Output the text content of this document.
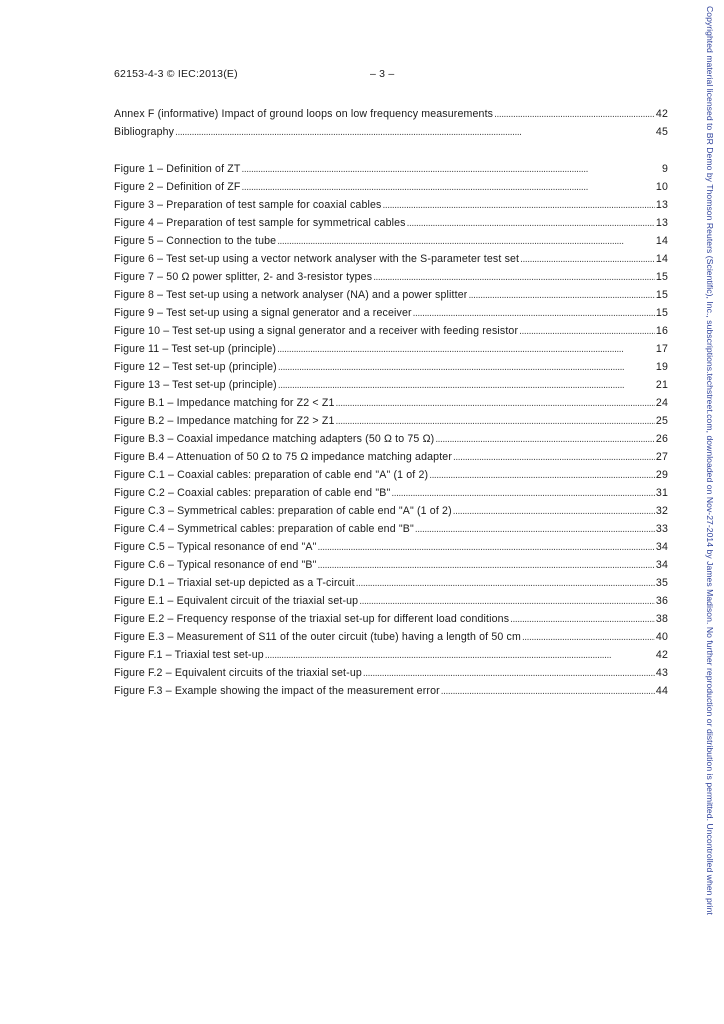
62153-4-3 © IEC:2013(E)	– 3 –
Annex F (informative) Impact of ground loops on low frequency measurements . . .	42
Bibliography . . .	45
Figure 1 – Definition of ZT . . .	9
Figure 2 – Definition of ZF . . .	10
Figure 3 – Preparation of test sample for coaxial cables . . .	13
Figure 4 – Preparation of test sample for symmetrical cables . . .	13
Figure 5 – Connection to the tube . . .	14
Figure 6 – Test set-up using a vector network analyser with the S-parameter test set . . .	14
Figure 7 – 50 Ω power splitter, 2- and 3-resistor types . . .	15
Figure 8 – Test set-up using a network analyser (NA) and a power splitter . . .	15
Figure 9 – Test set-up using a signal generator and a receiver . . .	15
Figure 10 – Test set-up using a signal generator and a receiver with feeding resistor . . .	16
Figure 11 – Test set-up (principle) . . .	17
Figure 12 – Test set-up (principle) . . .	19
Figure 13 – Test set-up (principle) . . .	21
Figure B.1 – Impedance matching for Z2 < Z1 . . .	24
Figure B.2 – Impedance matching for Z2 > Z1 . . .	25
Figure B.3 – Coaxial impedance matching adapters (50 Ω to 75 Ω) . . .	26
Figure B.4 – Attenuation of 50 Ω to 75 Ω impedance matching adapter . . .	27
Figure C.1 – Coaxial cables: preparation of cable end "A" (1 of 2) . . .	29
Figure C.2 – Coaxial cables: preparation of cable end "B" . . .	31
Figure C.3 – Symmetrical cables: preparation of cable end "A" (1 of 2) . . .	32
Figure C.4 – Symmetrical cables: preparation of cable end "B" . . .	33
Figure C.5 – Typical resonance of end "A" . . .	34
Figure C.6 – Typical resonance of end "B" . . .	34
Figure D.1 – Triaxial set-up depicted as a T-circuit . . .	35
Figure E.1 – Equivalent circuit of the triaxial set-up . . .	36
Figure E.2 – Frequency response of the triaxial set-up for different load conditions . . .	38
Figure E.3 – Measurement of S11 of the outer circuit (tube) having a length of 50 cm . . .	40
Figure F.1 – Triaxial test set-up . . .	42
Figure F.2 – Equivalent circuits of the triaxial set-up . . .	43
Figure F.3 – Example showing the impact of the measurement error . . .	44	Copyrighted material licensed to BR Demo by Thomson Reuters (Scientific), Inc., subscriptions.techstreet.com, downloaded on Nov-27-2014 by James Madison. No further reproduction or distribution is permitted. Uncontrolled when print
